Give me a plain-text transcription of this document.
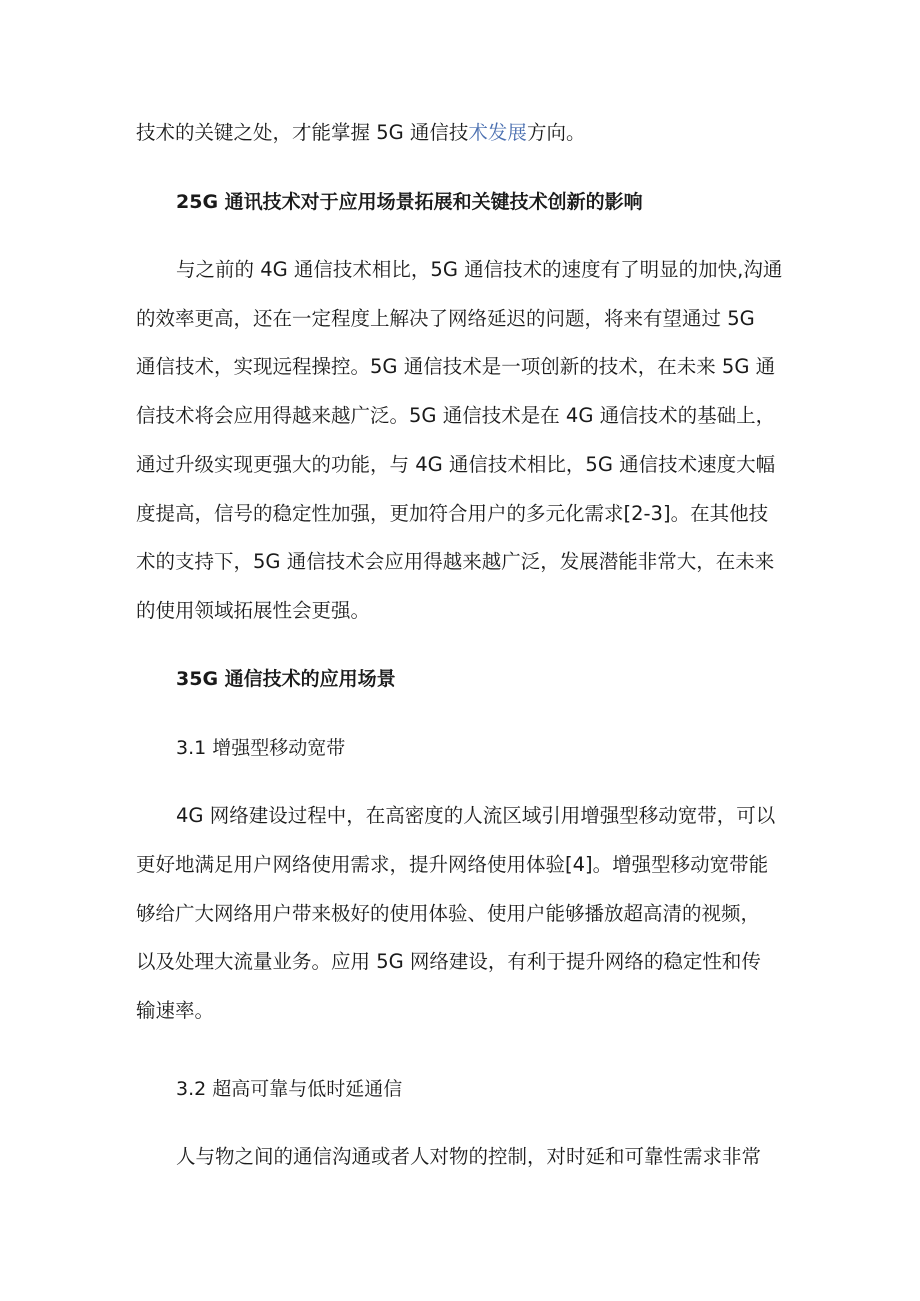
技术的关键之处，才能掌握 5G 通信技术发展方向。
25G 通讯技术对于应用场景拓展和关键技术创新的影响
与之前的 4G 通信技术相比，5G 通信技术的速度有了明显的加快,沟通
的效率更高，还在一定程度上解决了网络延迟的问题，将来有望通过 5G
通信技术，实现远程操控。5G 通信技术是一项创新的技术，在未来 5G 通
信技术将会应用得越来越广泛。5G 通信技术是在 4G 通信技术的基础上，
通过升级实现更强大的功能，与 4G 通信技术相比，5G 通信技术速度大幅
度提高，信号的稳定性加强，更加符合用户的多元化需求[2-3]。在其他技
术的支持下，5G 通信技术会应用得越来越广泛，发展潜能非常大，在未来
的使用领域拓展性会更强。
35G 通信技术的应用场景
3.1 增强型移动宽带
4G 网络建设过程中，在高密度的人流区域引用增强型移动宽带，可以
更好地满足用户网络使用需求，提升网络使用体验[4]。增强型移动宽带能
够给广大网络用户带来极好的使用体验、使用户能够播放超高清的视频，
以及处理大流量业务。应用 5G 网络建设，有利于提升网络的稳定性和传
输速率。
3.2 超高可靠与低时延通信
人与物之间的通信沟通或者人对物的控制，对时延和可靠性需求非常
